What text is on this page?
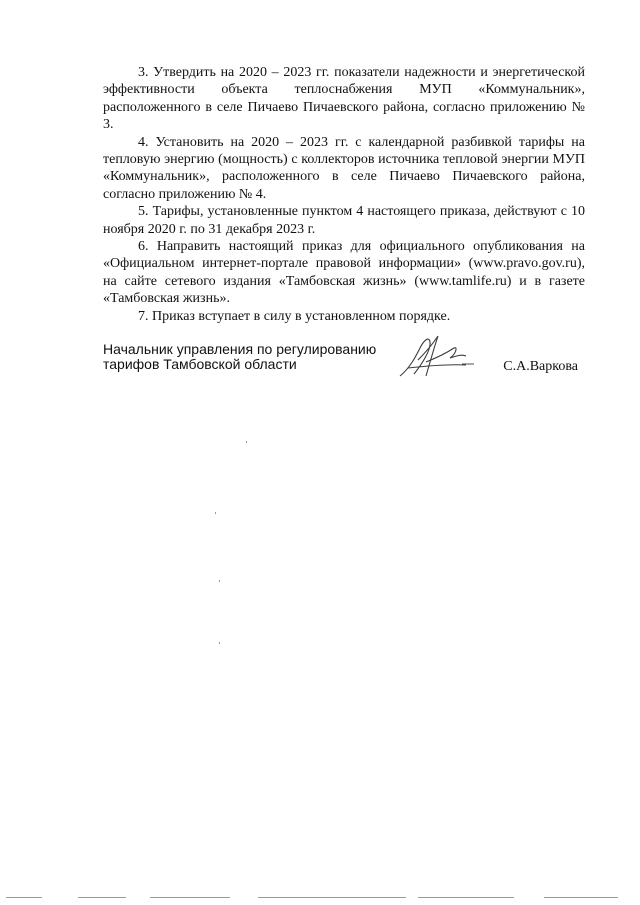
3. Утвердить на 2020 – 2023 гг. показатели надежности и энергетической эффективности объекта теплоснабжения МУП «Коммунальник», расположенного в селе Пичаево Пичаевского района, согласно приложению № 3.

4. Установить на 2020 – 2023 гг. с календарной разбивкой тарифы на тепловую энергию (мощность) с коллекторов источника тепловой энергии МУП «Коммунальник», расположенного в селе Пичаево Пичаевского района, согласно приложению № 4.

5. Тарифы, установленные пунктом 4 настоящего приказа, действуют с 10 ноября 2020 г. по 31 декабря 2023 г.

6. Направить настоящий приказ для официального опубликования на «Официальном интернет-портале правовой информации» (www.pravo.gov.ru), на сайте сетевого издания «Тамбовская жизнь» (www.tamlife.ru) и в газете «Тамбовская жизнь».

7. Приказ вступает в силу в установленном порядке.

Начальник управления по регулированию
тарифов Тамбовской области	С.А.Варкова
